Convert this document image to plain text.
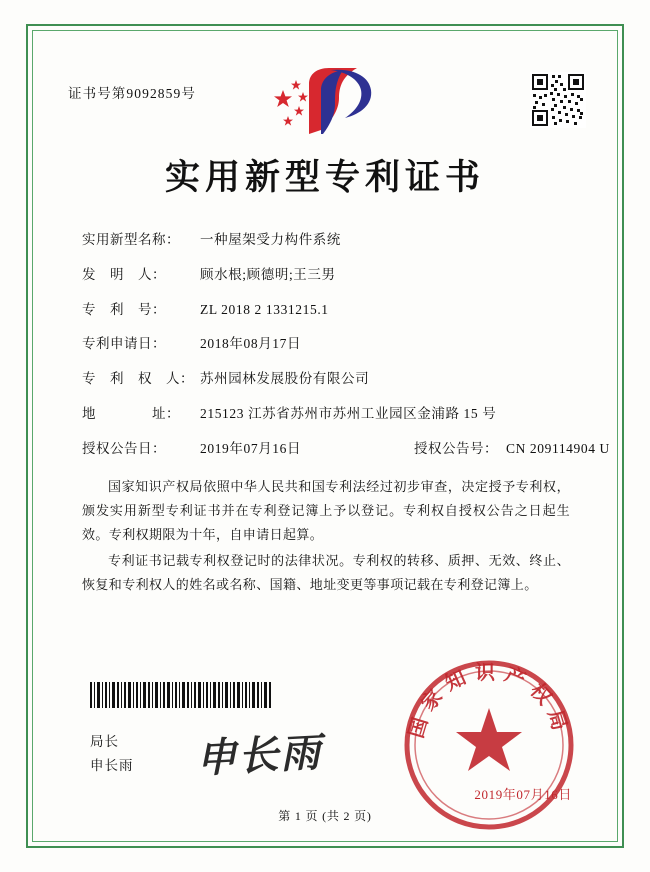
证书号第9092859号
实用新型专利证书
实用新型名称：	一种屋架受力构件系统
发　明　人：	顾水根;顾德明;王三男
专　利　号：	ZL 2018 2 1331215.1
专利申请日：	2018年08月17日
专　利　权　人： 苏州园林发展股份有限公司
地　　　　址：	215123 江苏省苏州市苏州工业园区金浦路 15 号
授权公告日：	2019年07月16日	授权公告号： CN 209114904 U

国家知识产权局依照中华人民共和国专利法经过初步审查，决定授予专利权，颁发实用新型专利证书并在专利登记簿上予以登记。专利权自授权公告之日起生效。专利权期限为十年，自申请日起算。

专利证书记载专利权登记时的法律状况。专利权的转移、质押、无效、终止、恢复和专利权人的姓名或名称、国籍、地址变更等事项记载在专利登记簿上。

局长
申长雨 申长雨
国家知识产权局
2019年07月16日
第 1 页 (共 2 页)
